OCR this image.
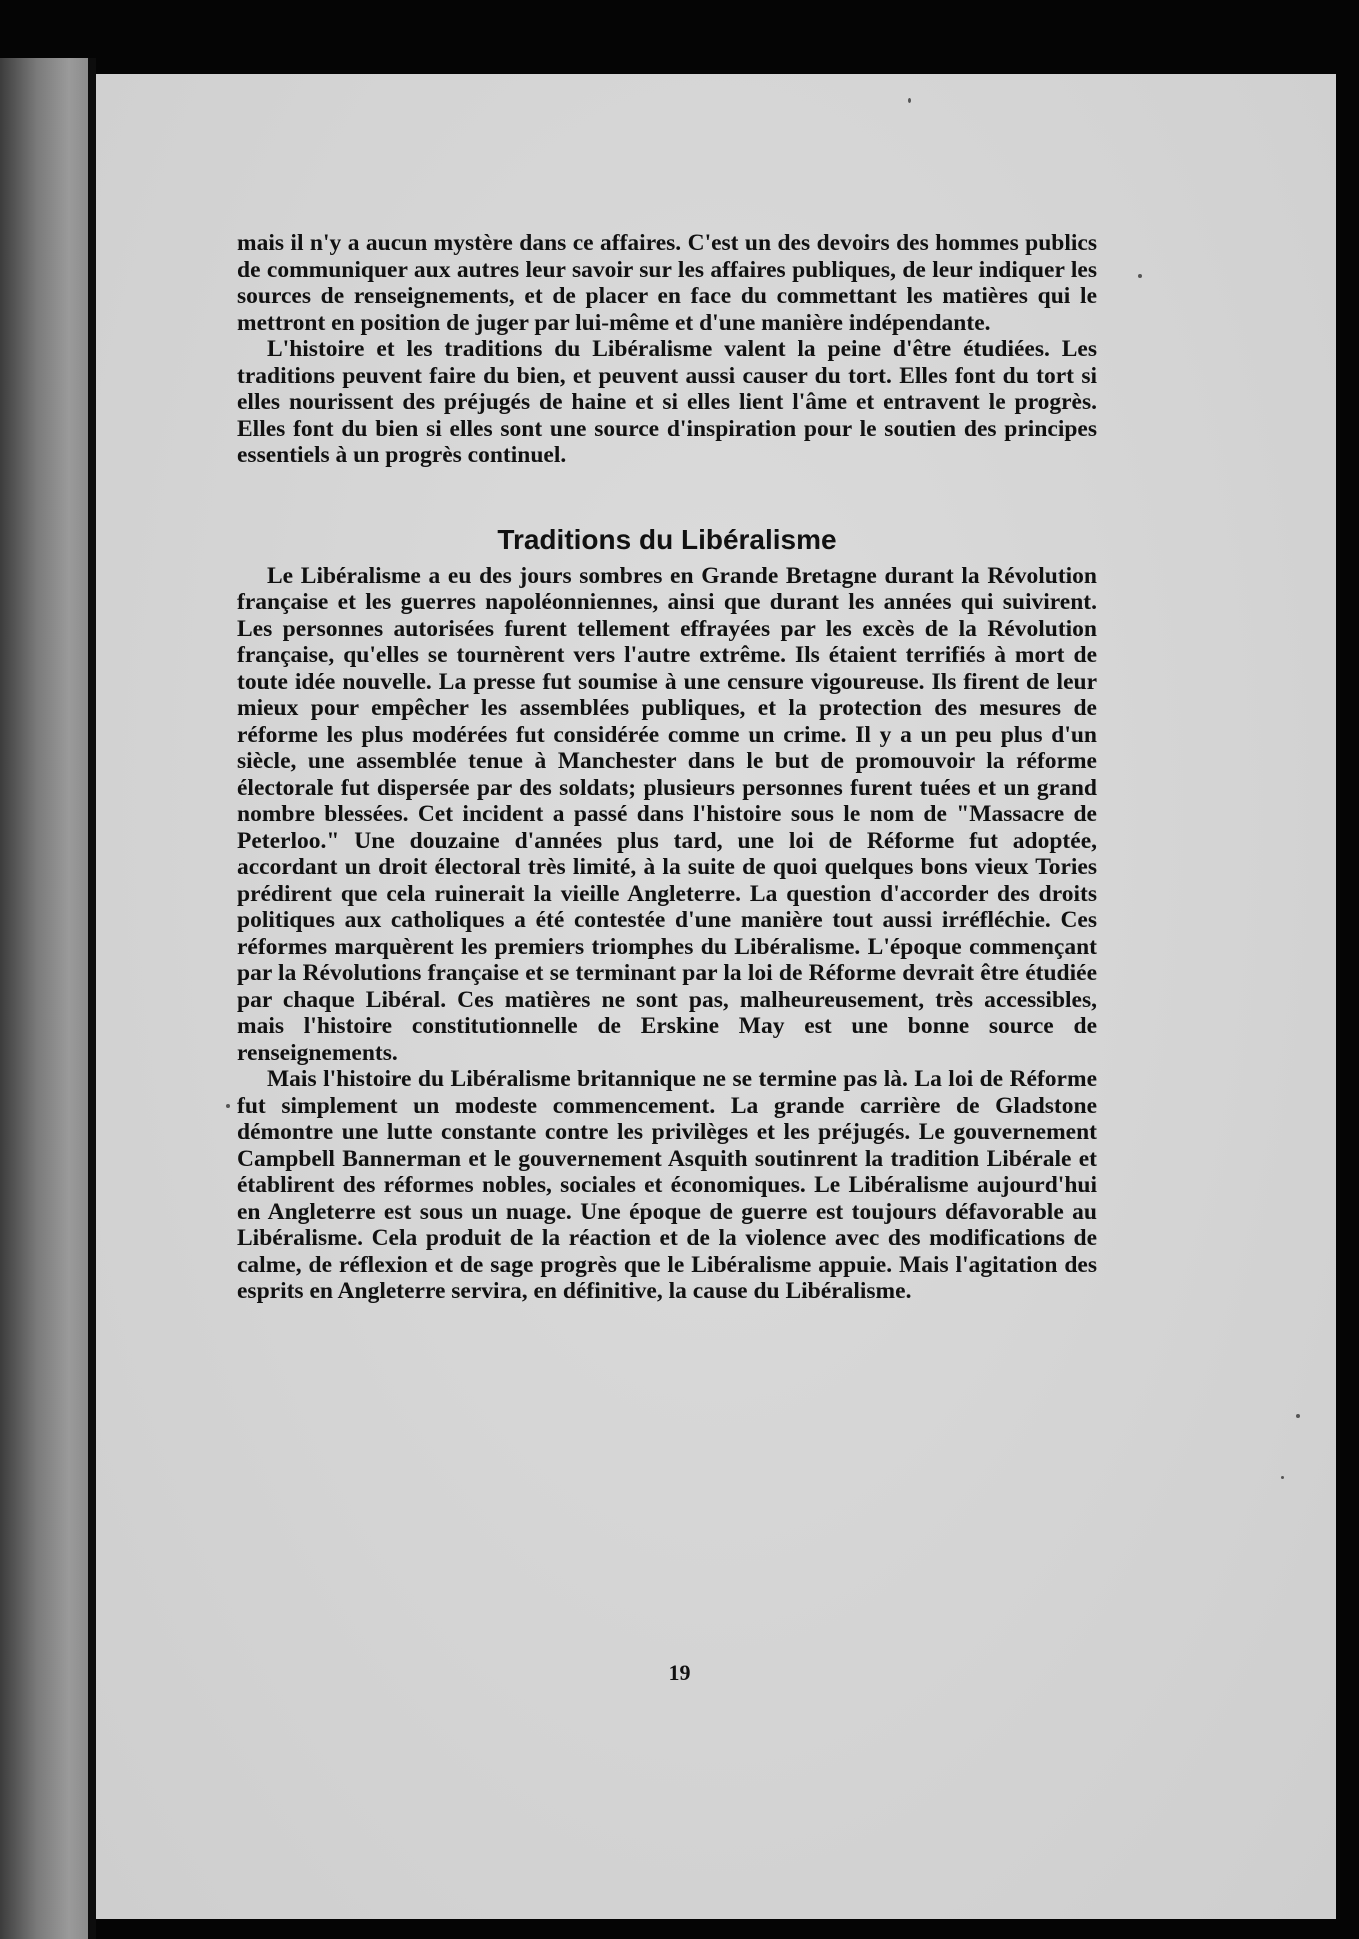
mais il n'y a aucun mystère dans ce affaires. C'est un des devoirs des hommes publics de communiquer aux autres leur savoir sur les affaires publiques, de leur indiquer les sources de renseignements, et de placer en face du commettant les matières qui le mettront en position de juger par lui-même et d'une manière indépendante.

L'histoire et les traditions du Libéralisme valent la peine d'être étudiées. Les traditions peuvent faire du bien, et peuvent aussi causer du tort. Elles font du tort si elles nourissent des préjugés de haine et si elles lient l'âme et entravent le progrès. Elles font du bien si elles sont une source d'inspiration pour le soutien des principes essentiels à un progrès continuel.

Traditions du Libéralisme

Le Libéralisme a eu des jours sombres en Grande Bretagne durant la Révolution française et les guerres napoléonniennes, ainsi que durant les années qui suivirent. Les personnes autorisées furent tellement effrayées par les excès de la Révolution française, qu'elles se tournèrent vers l'autre extrême. Ils étaient terrifiés à mort de toute idée nouvelle. La presse fut soumise à une censure vigoureuse. Ils firent de leur mieux pour empêcher les assemblées publiques, et la protection des mesures de réforme les plus modérées fut considérée comme un crime. Il y a un peu plus d'un siècle, une assemblée tenue à Manchester dans le but de promouvoir la réforme électorale fut dispersée par des soldats; plusieurs personnes furent tuées et un grand nombre blessées. Cet incident a passé dans l'histoire sous le nom de "Massacre de Peterloo." Une douzaine d'années plus tard, une loi de Réforme fut adoptée, accordant un droit électoral très limité, à la suite de quoi quelques bons vieux Tories prédirent que cela ruinerait la vieille Angleterre. La question d'accorder des droits politiques aux catholiques a été contestée d'une manière tout aussi irréfléchie. Ces réformes marquèrent les premiers triomphes du Libéralisme. L'époque commençant par la Révolutions française et se terminant par la loi de Réforme devrait être étudiée par chaque Libéral. Ces matières ne sont pas, malheureusement, très accessibles, mais l'histoire constitutionnelle de Erskine May est une bonne source de renseignements.

Mais l'histoire du Libéralisme britannique ne se termine pas là. La loi de Réforme fut simplement un modeste commencement. La grande carrière de Gladstone démontre une lutte constante contre les privilèges et les préjugés. Le gouvernement Campbell Bannerman et le gouvernement Asquith soutinrent la tradition Libérale et établirent des réformes nobles, sociales et économiques. Le Libéralisme aujourd'hui en Angleterre est sous un nuage. Une époque de guerre est toujours défavorable au Libéralisme. Cela produit de la réaction et de la violence avec des modifications de calme, de réflexion et de sage progrès que le Libéralisme appuie. Mais l'agitation des esprits en Angleterre servira, en définitive, la cause du Libéralisme.

19
